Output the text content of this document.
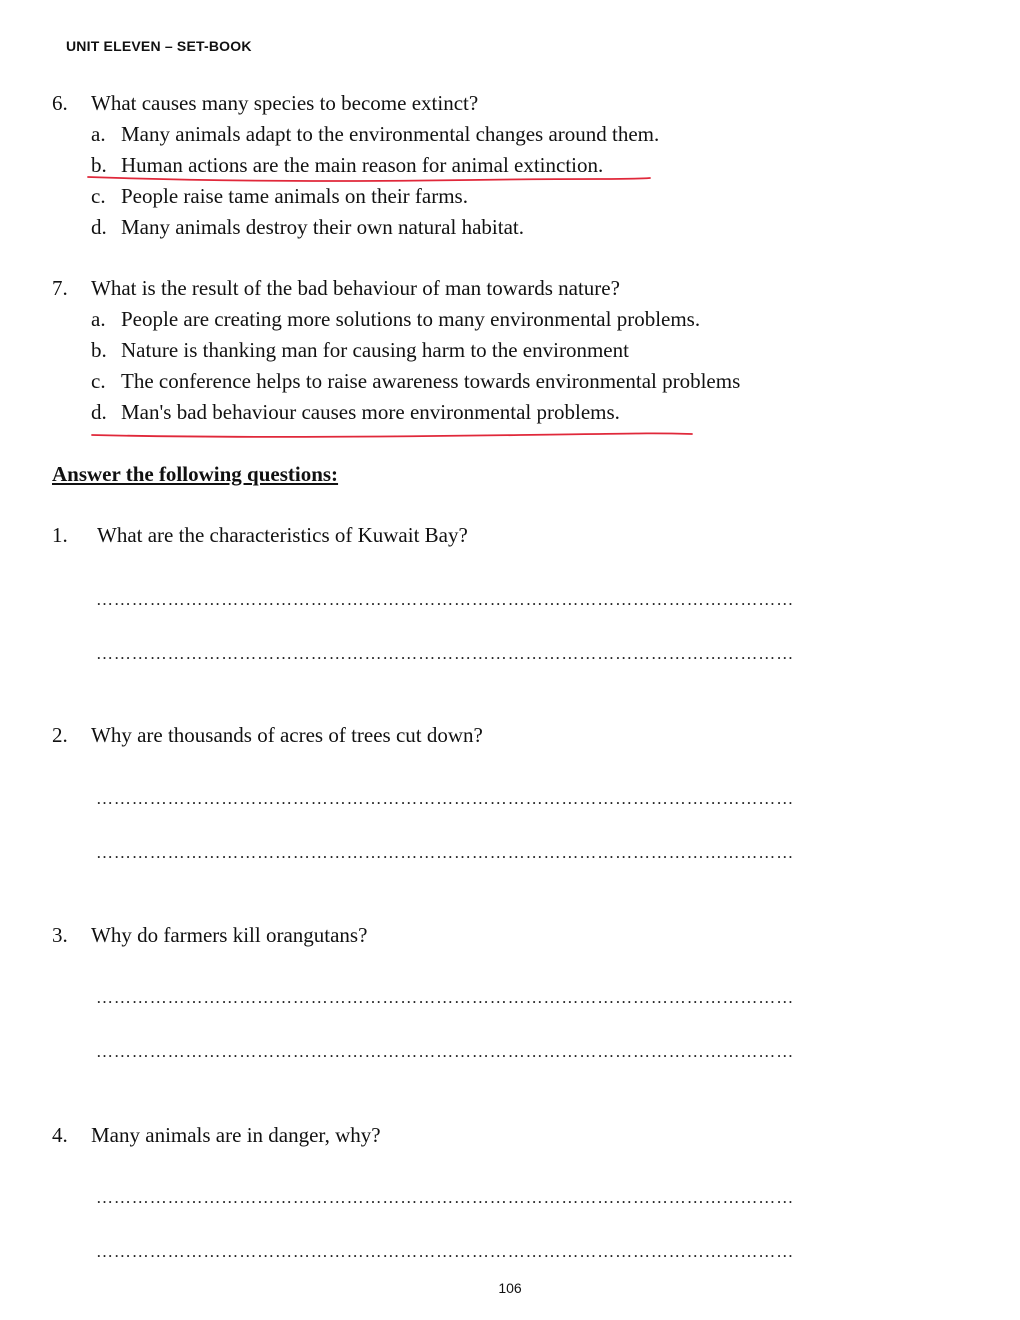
UNIT ELEVEN – SET-BOOK
6. What causes many species to become extinct?
a. Many animals adapt to the environmental changes around them.
b. Human actions are the main reason for animal extinction.
c. People raise tame animals on their farms.
d. Many animals destroy their own natural habitat.
7. What is the result of the bad behaviour of man towards nature?
a. People are creating more solutions to many environmental problems.
b. Nature is thanking man for causing harm to the environment
c. The conference helps to raise awareness towards environmental problems
d. Man's bad behaviour causes more environmental problems.
Answer the following questions:
1. What are the characteristics of Kuwait Bay?
………………………………………………………………………………………………………
………………………………………………………………………………………………………
2. Why are thousands of acres of trees cut down?
………………………………………………………………………………………………………
………………………………………………………………………………………………………
3. Why do farmers kill orangutans?
………………………………………………………………………………………………………
………………………………………………………………………………………………………
4. Many animals are in danger, why?
………………………………………………………………………………………………………
………………………………………………………………………………………………………
106
